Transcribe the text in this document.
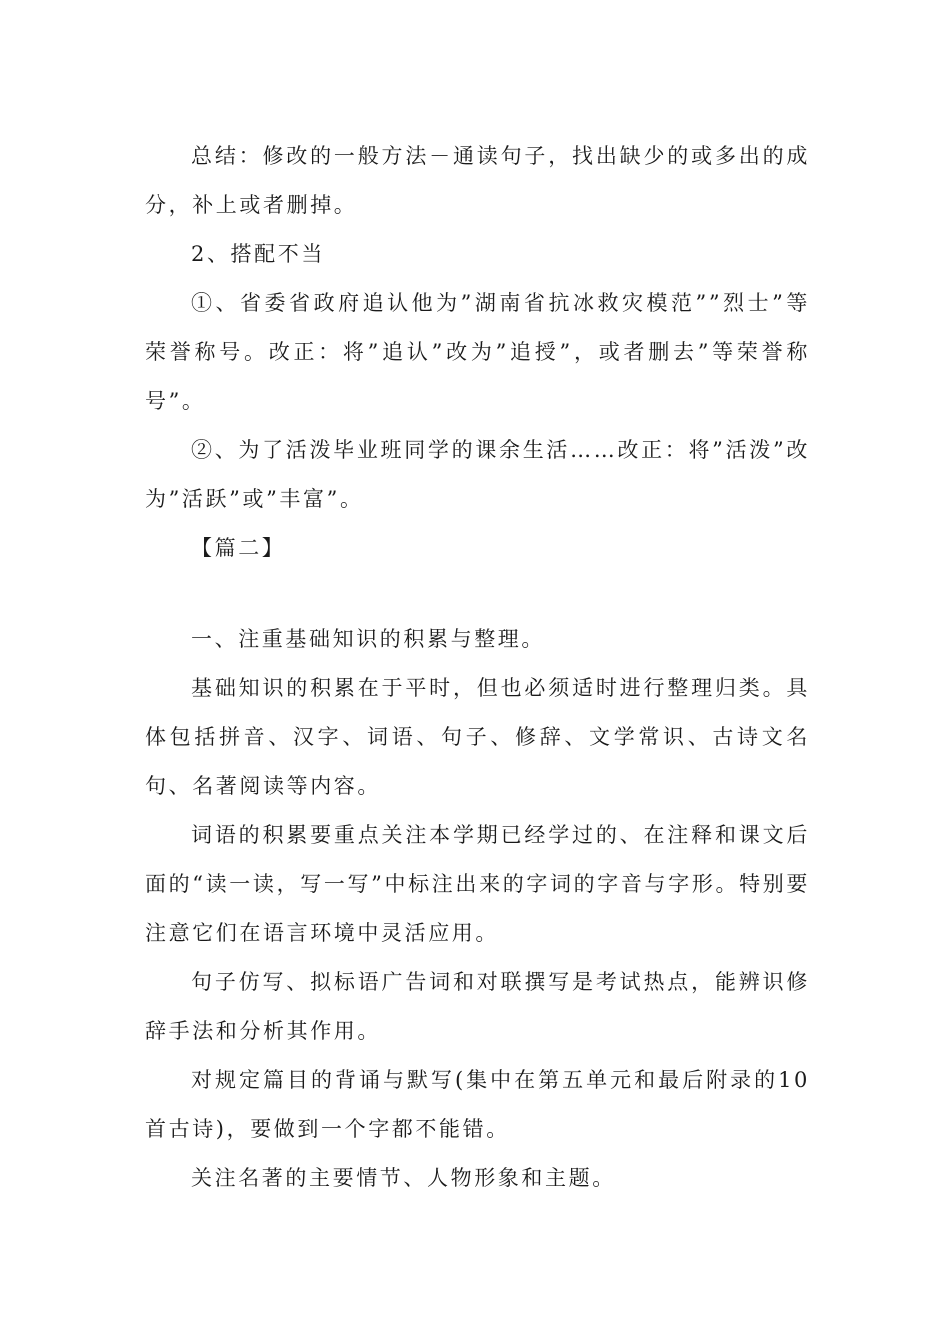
总结：修改的一般方法－通读句子，找出缺少的或多出的成分，补上或者删掉。

2、搭配不当

①、省委省政府追认他为”湖南省抗冰救灾模范””烈士”等荣誉称号。改正：将”追认”改为”追授”，或者删去”等荣誉称号”。

②、为了活泼毕业班同学的课余生活……改正：将”活泼”改为”活跃”或”丰富”。

【篇二】

一、注重基础知识的积累与整理。

基础知识的积累在于平时，但也必须适时进行整理归类。具体包括拼音、汉字、词语、句子、修辞、文学常识、古诗文名句、名著阅读等内容。

词语的积累要重点关注本学期已经学过的、在注释和课文后面的“读一读，写一写”中标注出来的字词的字音与字形。特别要注意它们在语言环境中灵活应用。

句子仿写、拟标语广告词和对联撰写是考试热点，能辨识修辞手法和分析其作用。

对规定篇目的背诵与默写(集中在第五单元和最后附录的10首古诗)，要做到一个字都不能错。

关注名著的主要情节、人物形象和主题。
